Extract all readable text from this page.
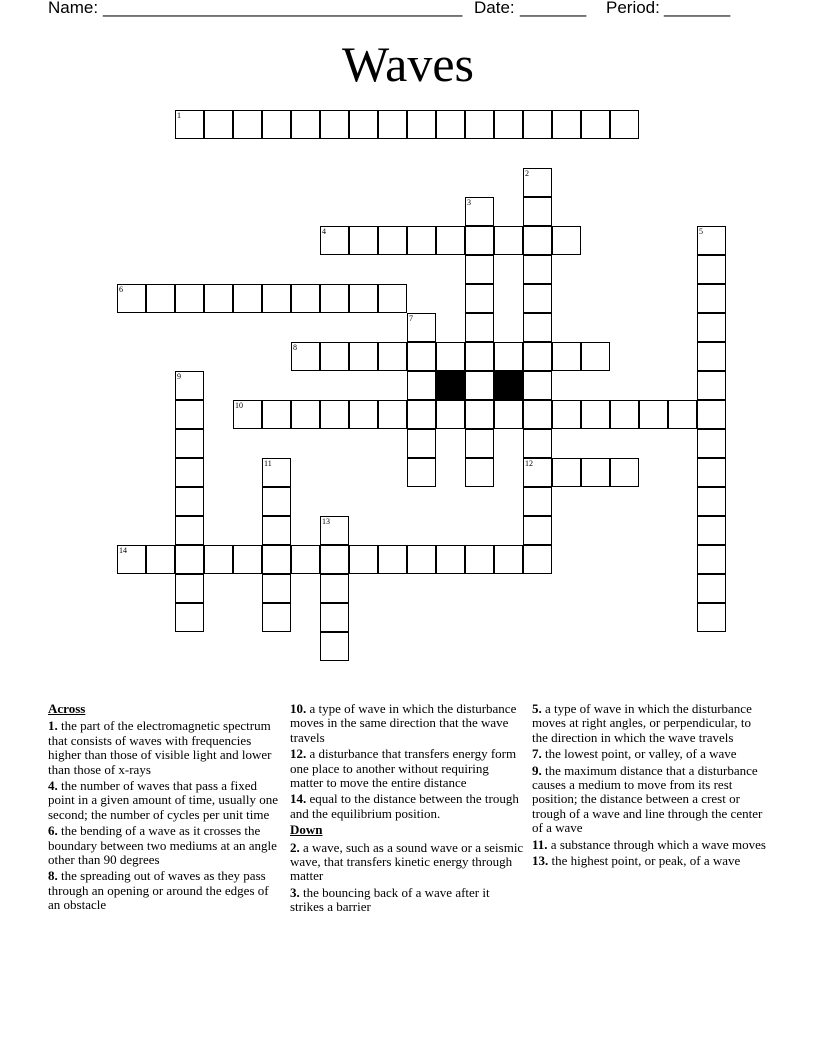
Name: ______________________________________ Date: _______ Period: _______
Waves
1
2
3
4	5
6
7
8
9
10
11	12
13
14
Across
1. the part of the electromagnetic spectrum that consists of waves with frequencies higher than those of visible light and lower than those of x-rays
4. the number of waves that pass a fixed point in a given amount of time, usually one second; the number of cycles per unit time
6. the bending of a wave as it crosses the boundary between two mediums at an angle other than 90 degrees
8. the spreading out of waves as they pass through an opening or around the edges of an obstacle
10. a type of wave in which the disturbance moves in the same direction that the wave travels
12. a disturbance that transfers energy form one place to another without requiring matter to move the entire distance
14. equal to the distance between the trough and the equilibrium position.
Down
2. a wave, such as a sound wave or a seismic wave, that transfers kinetic energy through matter
3. the bouncing back of a wave after it strikes a barrier
5. a type of wave in which the disturbance moves at right angles, or perpendicular, to the direction in which the wave travels
7. the lowest point, or valley, of a wave
9. the maximum distance that a disturbance causes a medium to move from its rest position; the distance between a crest or trough of a wave and line through the center of a wave
11. a substance through which a wave moves
13. the highest point, or peak, of a wave
